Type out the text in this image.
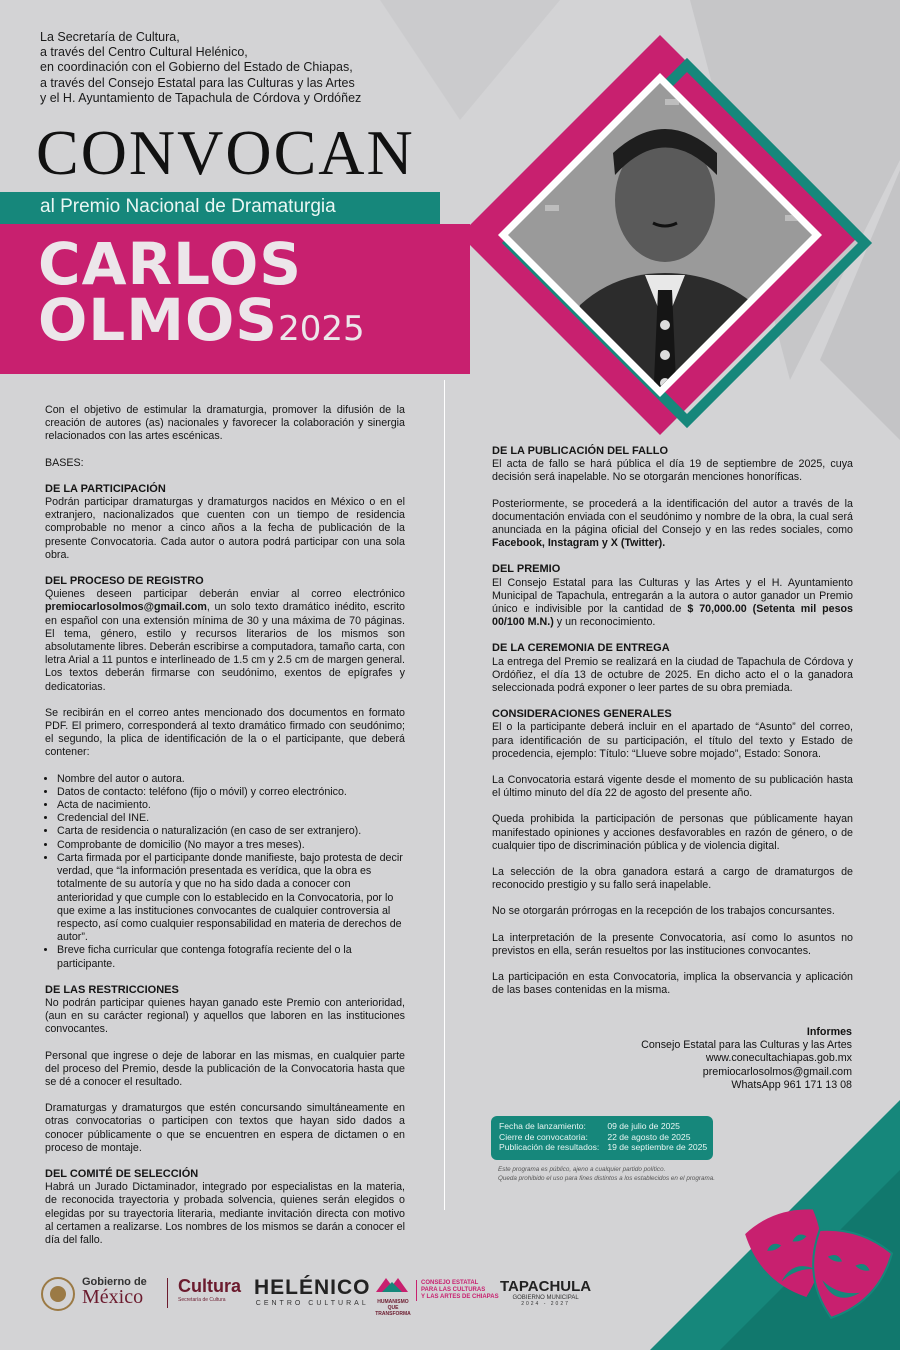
La Secretaría de Cultura,
a través del Centro Cultural Helénico,
en coordinación con el Gobierno del Estado de Chiapas,
a través del Consejo Estatal para las Culturas y las Artes
y el H. Ayuntamiento de Tapachula de Córdova y Ordóñez
CONVOCAN
al Premio Nacional de Dramaturgia
CARLOS
OLMOS2025

Con el objetivo de estimular la dramaturgia, promover la difusión de la creación de autores (as) nacionales y favorecer la colaboración y sinergia relacionados con las artes escénicas.

BASES:

DE LA PARTICIPACIÓN

Podrán participar dramaturgas y dramaturgos nacidos en México o en el extranjero, nacionalizados que cuenten con un tiempo de residencia comprobable no menor a cinco años a la fecha de publicación de la presente Convocatoria. Cada autor o autora podrá participar con una sola obra.

DEL PROCESO DE REGISTRO

Quienes deseen participar deberán enviar al correo electrónico premiocarlosolmos@gmail.com, un solo texto dramático inédito, escrito en español con una extensión mínima de 30 y una máxima de 70 páginas. El tema, género, estilo y recursos literarios de los mismos son absolutamente libres. Deberán escribirse a computadora, tamaño carta, con letra Arial a 11 puntos e interlineado de 1.5 cm y 2.5 cm de margen general. Los textos deberán firmarse con seudónimo, exentos de epígrafes y dedicatorias.

Se recibirán en el correo antes mencionado dos documentos en formato PDF. El primero, corresponderá al texto dramático firmado con seudónimo; el segundo, la plica de identificación de la o el participante, que deberá contener:

• Nombre del autor o autora.
• Datos de contacto: teléfono (fijo o móvil) y correo electrónico.
• Acta de nacimiento.
• Credencial del INE.
• Carta de residencia o naturalización (en caso de ser extranjero).
• Comprobante de domicilio (No mayor a tres meses).
• Carta firmada por el participante donde manifieste, bajo protesta de decir verdad, que “la información presentada es verídica, que la obra es totalmente de su autoría y que no ha sido dada a conocer con anterioridad y que cumple con lo establecido en la Convocatoria, por lo que exime a las instituciones convocantes de cualquier controversia al respecto, así como cualquier responsabilidad en materia de derechos de autor”.
• Breve ficha curricular que contenga fotografía reciente del o la participante.
DE LAS RESTRICCIONES

No podrán participar quienes hayan ganado este Premio con anterioridad, (aun en su carácter regional) y aquellos que laboren en las instituciones convocantes.

Personal que ingrese o deje de laborar en las mismas, en cualquier parte del proceso del Premio, desde la publicación de la Convocatoria hasta que se dé a conocer el resultado.

Dramaturgas y dramaturgos que estén concursando simultáneamente en otras convocatorias o participen con textos que hayan sido dados a conocer públicamente o que se encuentren en espera de dictamen o en proceso de montaje.

DEL COMITÉ DE SELECCIÓN

Habrá un Jurado Dictaminador, integrado por especialistas en la materia, de reconocida trayectoria y probada solvencia, quienes serán elegidos o elegidas por su trayectoria literaria, mediante invitación directa con motivo al certamen a realizarse. Los nombres de los mismos se darán a conocer el día del fallo.

DE LA PUBLICACIÓN DEL FALLO

El acta de fallo se hará pública el día 19 de septiembre de 2025, cuya decisión será inapelable. No se otorgarán menciones honoríficas.

Posteriormente, se procederá a la identificación del autor a través de la documentación enviada con el seudónimo y nombre de la obra, la cual será anunciada en la página oficial del Consejo y en las redes sociales, como Facebook, Instagram y X (Twitter).

DEL PREMIO

El Consejo Estatal para las Culturas y las Artes y el H. Ayuntamiento Municipal de Tapachula, entregarán a la autora o autor ganador un Premio único e indivisible por la cantidad de $ 70,000.00 (Setenta mil pesos 00/100 M.N.) y un reconocimiento.

DE LA CEREMONIA DE ENTREGA

La entrega del Premio se realizará en la ciudad de Tapachula de Córdova y Ordóñez, el día 13 de octubre de 2025. En dicho acto el o la ganadora seleccionada podrá exponer o leer partes de su obra premiada.

CONSIDERACIONES GENERALES

El o la participante deberá incluir en el apartado de “Asunto” del correo, para identificación de su participación, el título del texto y Estado de procedencia, ejemplo: Título: “Llueve sobre mojado”, Estado: Sonora.

La Convocatoria estará vigente desde el momento de su publicación hasta el último minuto del día 22 de agosto del presente año.

Queda prohibida la participación de personas que públicamente hayan manifestado opiniones y acciones desfavorables en razón de género, o de cualquier tipo de discriminación pública y de violencia digital.

La selección de la obra ganadora estará a cargo de dramaturgos de reconocido prestigio y su fallo será inapelable.

No se otorgarán prórrogas en la recepción de los trabajos concursantes.

La interpretación de la presente Convocatoria, así como lo asuntos no previstos en ella, serán resueltos por las instituciones convocantes.

La participación en esta Convocatoria, implica la observancia y aplicación de las bases contenidas en la misma.

Informes
Consejo Estatal para las Culturas y las Artes
www.conecultachiapas.gob.mx
premiocarlosolmos@gmail.com
WhatsApp 961 171 13 08
Fecha de lanzamiento:	09 de julio de 2025
Cierre de convocatoria:	22 de agosto de 2025
Publicación de resultados:	19 de septiembre de 2025
Este programa es público, ajeno a cualquier partido político.
Queda prohibido el uso para fines distintos a los establecidos en el programa.
Gobierno de
México Cultura
Secretaría de Cultura
HELÉNICO
CENTRO CULTURAL	HUMANISMO QUE TRANSFORMA
CONSEJO ESTATAL
PARA LAS CULTURAS
Y LAS ARTES DE CHIAPAS
TAPACHULA
GOBIERNO MUNICIPAL
2024 - 2027
